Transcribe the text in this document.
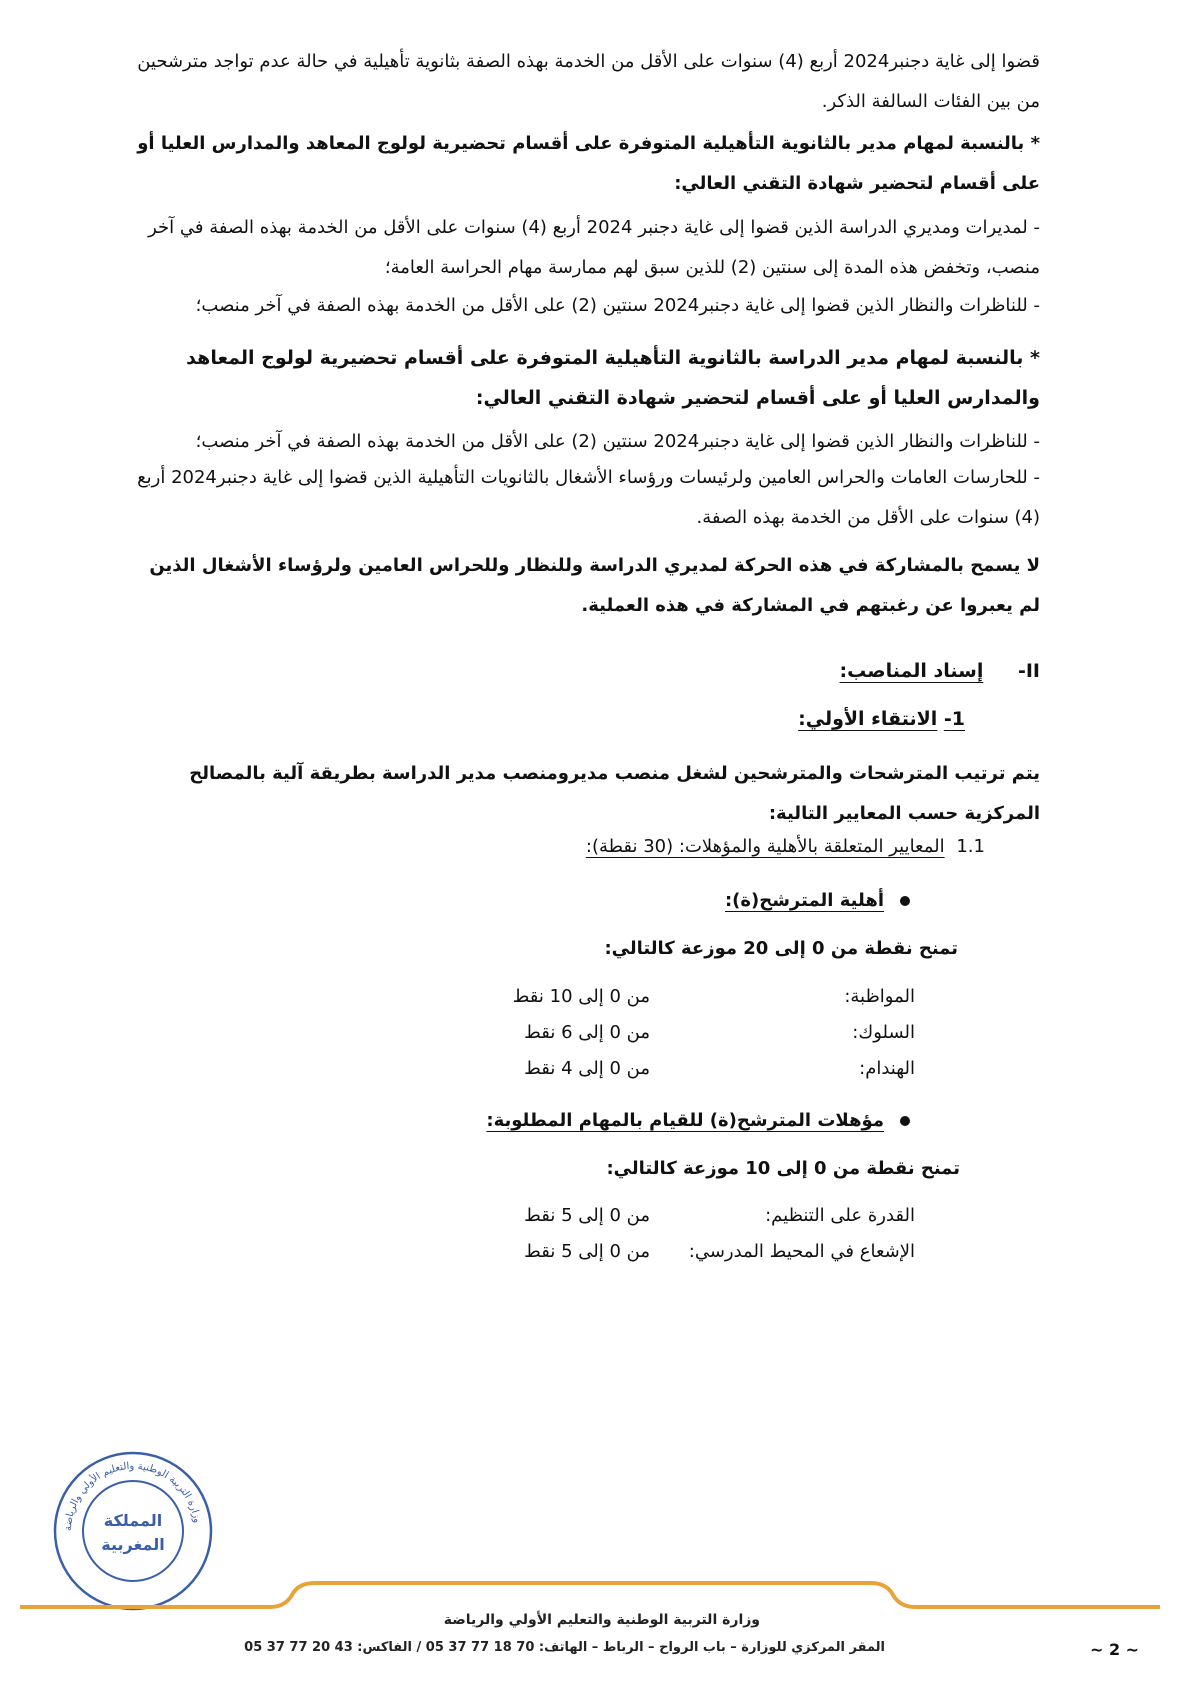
قضوا إلى غاية دجنبر2024 أربع (4) سنوات على الأقل من الخدمة بهذه الصفة بثانوية تأهيلية في حالة عدم تواجد مترشحين من بين الفئات السالفة الذكر.
* بالنسبة لمهام مدير بالثانوية التأهيلية المتوفرة على أقسام تحضيرية لولوج المعاهد والمدارس العليا أو على أقسام لتحضير شهادة التقني العالي:
- لمديرات ومديري الدراسة الذين قضوا إلى غاية دجنبر 2024 أربع (4) سنوات على الأقل من الخدمة بهذه الصفة في آخر منصب، وتخفض هذه المدة إلى سنتين (2) للذين سبق لهم ممارسة مهام الحراسة العامة؛
- للناظرات والنظار الذين قضوا إلى غاية دجنبر2024 سنتين (2) على الأقل من الخدمة بهذه الصفة في آخر منصب؛
* بالنسبة لمهام مدير الدراسة بالثانوية التأهيلية المتوفرة على أقسام تحضيرية لولوج المعاهد والمدارس العليا أو على أقسام لتحضير شهادة التقني العالي:
- للناظرات والنظار الذين قضوا إلى غاية دجنبر2024 سنتين (2) على الأقل من الخدمة بهذه الصفة في آخر منصب؛
- للحارسات العامات والحراس العامين ولرئيسات ورؤساء الأشغال بالثانويات التأهيلية الذين قضوا إلى غاية دجنبر2024 أربع (4) سنوات على الأقل من الخدمة بهذه الصفة.
لا يسمح بالمشاركة في هذه الحركة لمديري الدراسة وللنظار وللحراس العامين ولرؤساء الأشغال الذين لم يعبروا عن رغبتهم في المشاركة في هذه العملية.
II- إسناد المناصب:
1- الانتقاء الأولي:
يتم ترتيب المترشحات والمترشحين لشغل منصب مديرومنصب مدير الدراسة بطريقة آلية بالمصالح المركزية حسب المعايير التالية:
1.1 المعايير المتعلقة بالأهلية والمؤهلات: (30 نقطة):
أهلية المترشح(ة):
تمنح نقطة من 0 إلى 20 موزعة كالتالي:
المواظبة:
من 0 إلى 10 نقط
السلوك:
من 0 إلى 6 نقط
الهندام:
من 0 إلى 4 نقط
مؤهلات المترشح(ة) للقيام بالمهام المطلوبة:
تمنح نقطة من 0 إلى 10 موزعة كالتالي:
القدرة على التنظيم:
من 0 إلى 5 نقط
الإشعاع في المحيط المدرسي:
من 0 إلى 5 نقط
وزارة التربية الوطنية والتعليم الأولي والرياضة
المملكة
المغربية
وزارة التربية الوطنية والتعليم الأولي والرياضة
المقر المركزي للوزارة – باب الرواح – الرباط – الهاتف: 70 18 77 37 05 / الفاكس: 43 20 77 37 05	~ 2 ~
